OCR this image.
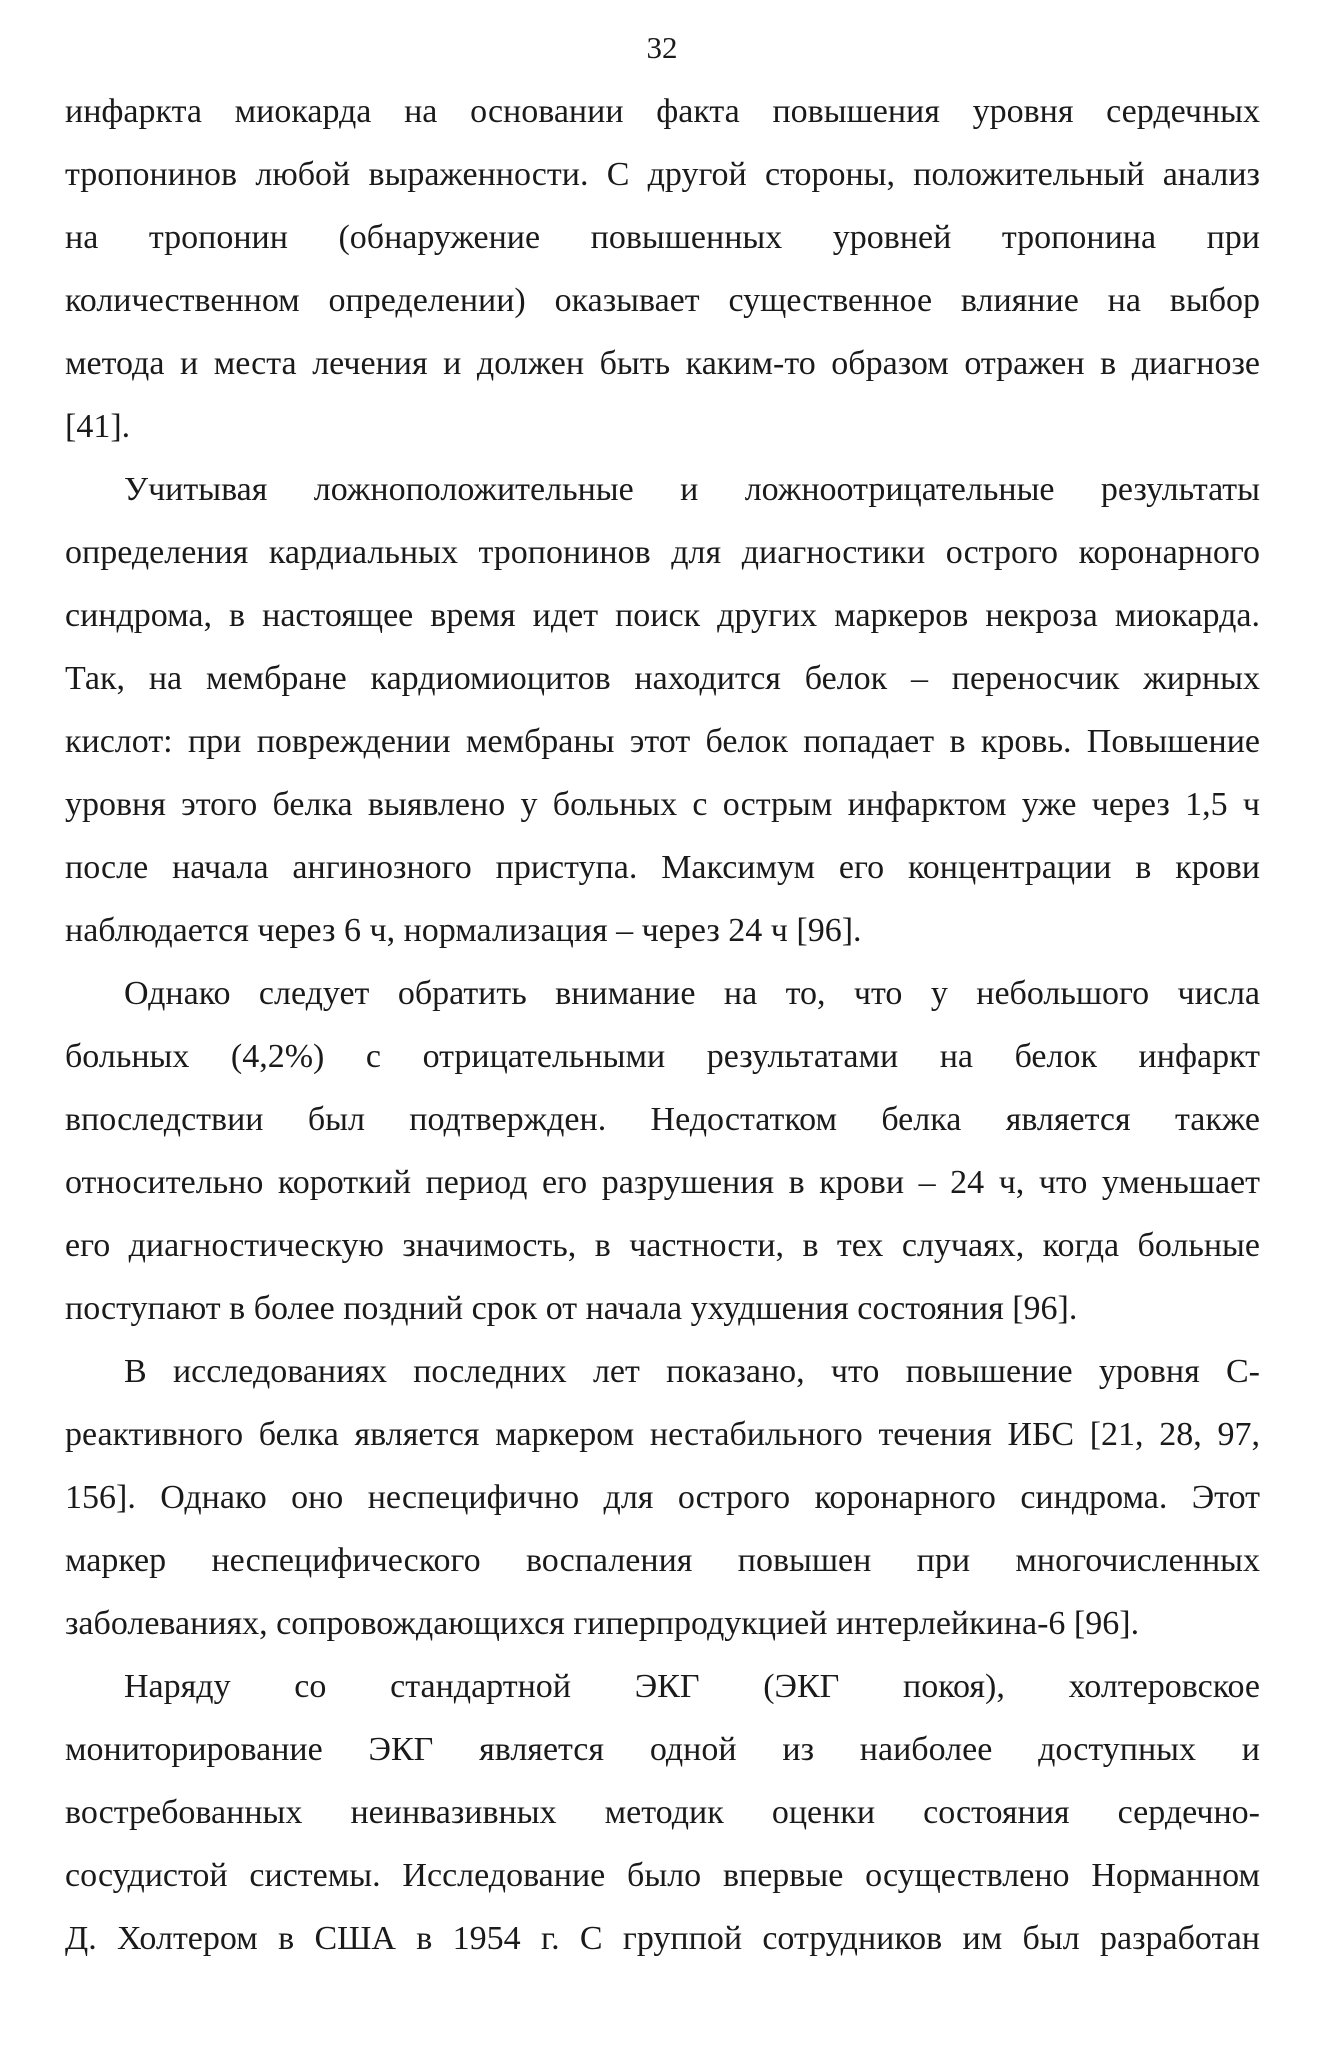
32
инфаркта миокарда на основании факта повышения уровня сердечных
тропонинов любой выраженности. С другой стороны, положительный анализ
на тропонин (обнаружение повышенных уровней тропонина при
количественном определении) оказывает существенное влияние на выбор
метода и места лечения и должен быть каким-то образом отражен в диагнозе
[41].
Учитывая ложноположительные и ложноотрицательные результаты
определения кардиальных тропонинов для диагностики острого коронарного
синдрома, в настоящее время идет поиск других маркеров некроза миокарда.
Так, на мембране кардиомиоцитов находится белок – переносчик жирных
кислот: при повреждении мембраны этот белок попадает в кровь. Повышение
уровня этого белка выявлено у больных с острым инфарктом уже через 1,5 ч
после начала ангинозного приступа. Максимум его концентрации в крови
наблюдается через 6 ч, нормализация – через 24 ч [96].
Однако следует обратить внимание на то, что у небольшого числа
больных (4,2%) с отрицательными результатами на белок инфаркт
впоследствии был подтвержден. Недостатком белка является также
относительно короткий период его разрушения в крови – 24 ч, что уменьшает
его диагностическую значимость, в частности, в тех случаях, когда больные
поступают в более поздний срок от начала ухудшения состояния [96].
В исследованиях последних лет показано, что повышение уровня С-
реактивного белка является маркером нестабильного течения ИБС [21, 28, 97,
156]. Однако оно неспецифично для острого коронарного синдрома. Этот
маркер неспецифического воспаления повышен при многочисленных
заболеваниях, сопровождающихся гиперпродукцией интерлейкина-6 [96].
Наряду со стандартной ЭКГ (ЭКГ покоя), холтеровское
мониторирование ЭКГ является одной из наиболее доступных и
востребованных неинвазивных методик оценки состояния сердечно-
сосудистой системы. Исследование было впервые осуществлено Норманном
Д. Холтером в США в 1954 г. С группой сотрудников им был разработан
